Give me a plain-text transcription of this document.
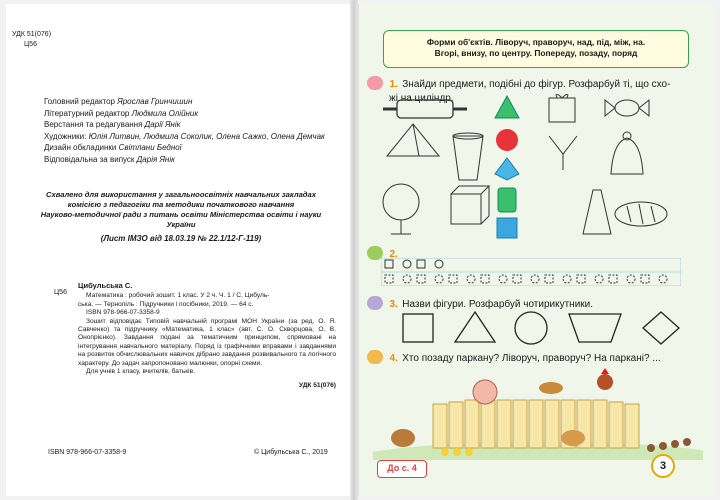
УДК 51(076)
Ц56
Головний редактор Ярослав Гринчишин
Літературний редактор Людмила Олійник
Верстання та редагування Дарії Янік
Художники: Юлія Литвин, Людмила Соколик, Олена Сажко, Олена Демчак
Дизайн обкладинки Світлани Бедної
Відповідальна за випуск Дарія Янік
Схвалено для використання у загальноосвітніх навчальних закладах
комісією з педагогіки та методики початкового навчання
Науково-методичної ради з питань освіти Міністерства освіти і науки України
(Лист ІМЗО від 18.03.19 № 22.1/12-Г-119)
Ц56
Цибульська С.
Математика : робочий зошит. 1 клас. У 2 ч. Ч. 1 / С. Цибуль-
ська. — Тернопіль : Підручники і посібники, 2019. — 64 с.
ISBN 978-966-07-3358-9
Зошит відповідає Типовій навчальній програмі МОН України (за ред. О. Я. Савченко) та підручнику «Математика, 1 клас» (авт. С. О. Скворцова, О. В. Онопрієнко). Завдання подані за тематичним принципом, спрямовані на інтегрування навчального матеріалу. Поряд із графічними вправами і завданнями на розвиток обчислювальних навичок дібрано завдання розвивального та логічного характеру. До задач запропоновано малюнки, опорні схеми.
Для учнів 1 класу, вчителів, батьків.
УДК 51(076)
ISBN 978-966-07-3358-9	© Цибульська С., 2019
Форми об'єктів. Ліворуч, праворуч, над, під, між, на.
Вгорі, внизу, по центру. Попереду, позаду, поряд
1. Знайди предмети, подібні до фігур. Розфарбуй ті, що схо-
жі на циліндр.
2.
3. Назви фігури. Розфарбуй чотирикутники.
4. Хто позаду паркану? Ліворуч, праворуч? На паркані? ...
До с. 4	3
